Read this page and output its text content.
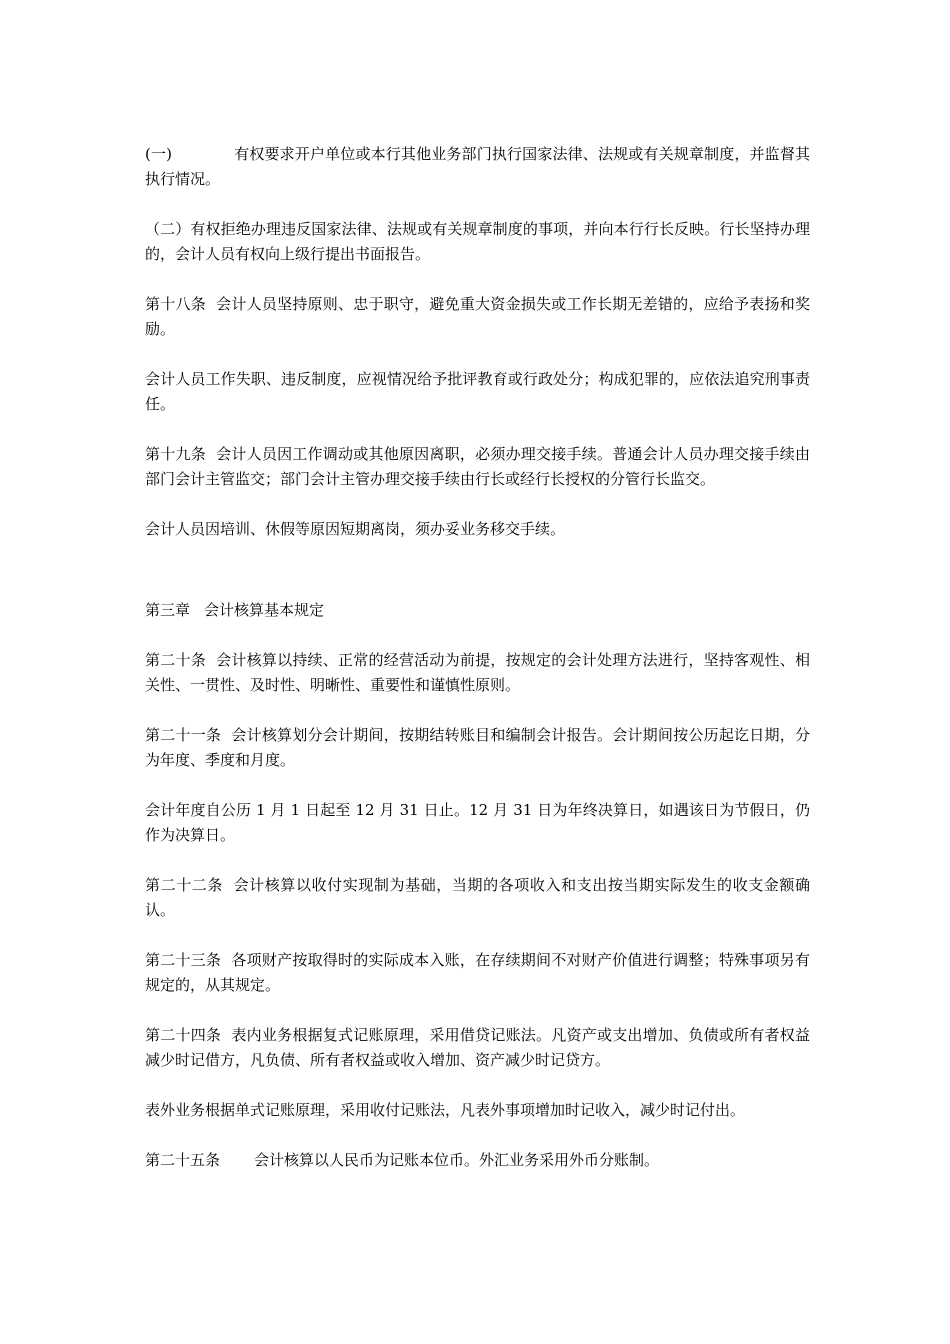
(一)	有权要求开户单位或本行其他业务部门执行国家法律、法规或有关规章制度，并监督其执行情况。

（二）有权拒绝办理违反国家法律、法规或有关规章制度的事项，并向本行行长反映。行长坚持办理的，会计人员有权向上级行提出书面报告。

第十八条 会计人员坚持原则、忠于职守，避免重大资金损失或工作长期无差错的，应给予表扬和奖励。

会计人员工作失职、违反制度，应视情况给予批评教育或行政处分；构成犯罪的，应依法追究刑事责任。

第十九条 会计人员因工作调动或其他原因离职，必须办理交接手续。普通会计人员办理交接手续由部门会计主管监交；部门会计主管办理交接手续由行长或经行长授权的分管行长监交。

会计人员因培训、休假等原因短期离岗，须办妥业务移交手续。

第三章 会计核算基本规定

第二十条 会计核算以持续、正常的经营活动为前提，按规定的会计处理方法进行，坚持客观性、相关性、一贯性、及时性、明晰性、重要性和谨慎性原则。

第二十一条 会计核算划分会计期间，按期结转账目和编制会计报告。会计期间按公历起讫日期，分为年度、季度和月度。

会计年度自公历 1 月 1 日起至 12 月 31 日止。12 月 31 日为年终决算日，如遇该日为节假日，仍作为决算日。

第二十二条 会计核算以收付实现制为基础，当期的各项收入和支出按当期实际发生的收支金额确认。

第二十三条 各项财产按取得时的实际成本入账，在存续期间不对财产价值进行调整；特殊事项另有规定的，从其规定。

第二十四条 表内业务根据复式记账原理，采用借贷记账法。凡资产或支出增加、负债或所有者权益减少时记借方，凡负债、所有者权益或收入增加、资产减少时记贷方。

表外业务根据单式记账原理，采用收付记账法，凡表外事项增加时记收入，减少时记付出。

第二十五条 会计核算以人民币为记账本位币。外汇业务采用外币分账制。
